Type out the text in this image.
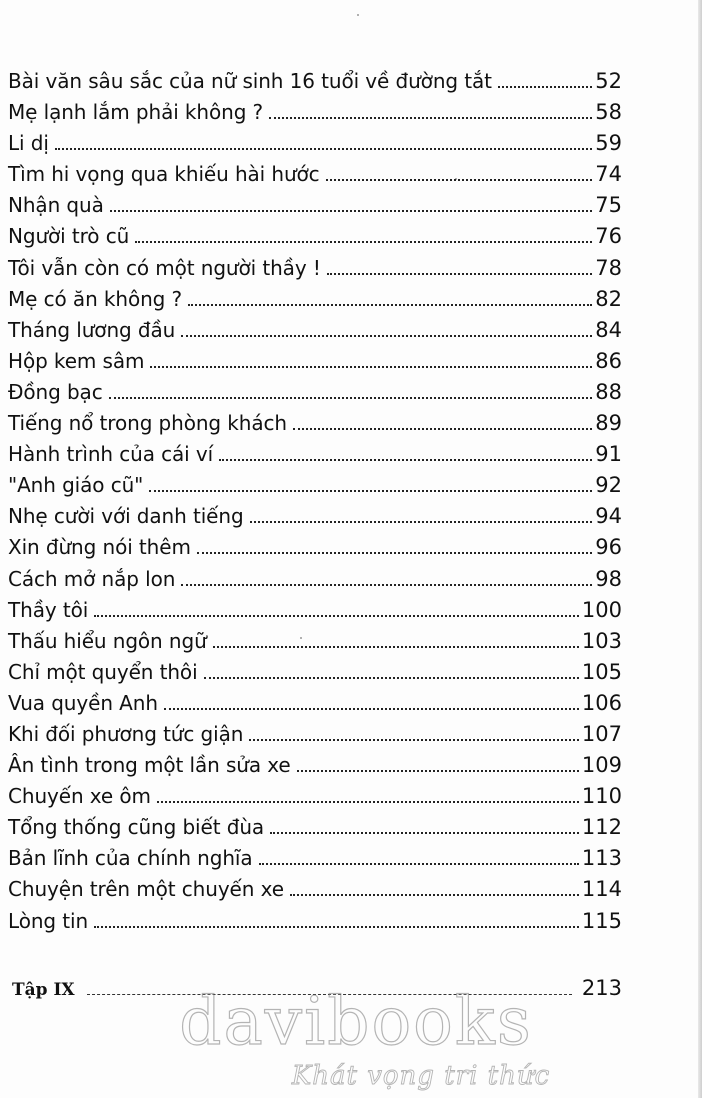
Bài văn sâu sắc của nữ sinh 16 tuổi về đường tắt	52
Mẹ lạnh lắm phải không ?	58
Li dị	59
Tìm hi vọng qua khiếu hài hước	74
Nhận quà	75
Người trò cũ	76
Tôi vẫn còn có một người thầy !	78
Mẹ có ăn không ?	82
Tháng lương đầu	84
Hộp kem sâm	86
Đồng bạc	88
Tiếng nổ trong phòng khách	89
Hành trình của cái ví	91
"Anh giáo cũ"	92
Nhẹ cười với danh tiếng	94
Xin đừng nói thêm	96
Cách mở nắp lon	98
Thầy tôi	100
Thấu hiểu ngôn ngữ	103
Chỉ một quyển thôi	105
Vua quyền Anh	106
Khi đối phương tức giận	107
Ân tình trong một lần sửa xe	109
Chuyến xe ôm	110
Tổng thống cũng biết đùa	112
Bản lĩnh của chính nghĩa	113
Chuyện trên một chuyến xe	114
Lòng tin	115
Tập IX	213
davibooks
Khát vọng tri thức
